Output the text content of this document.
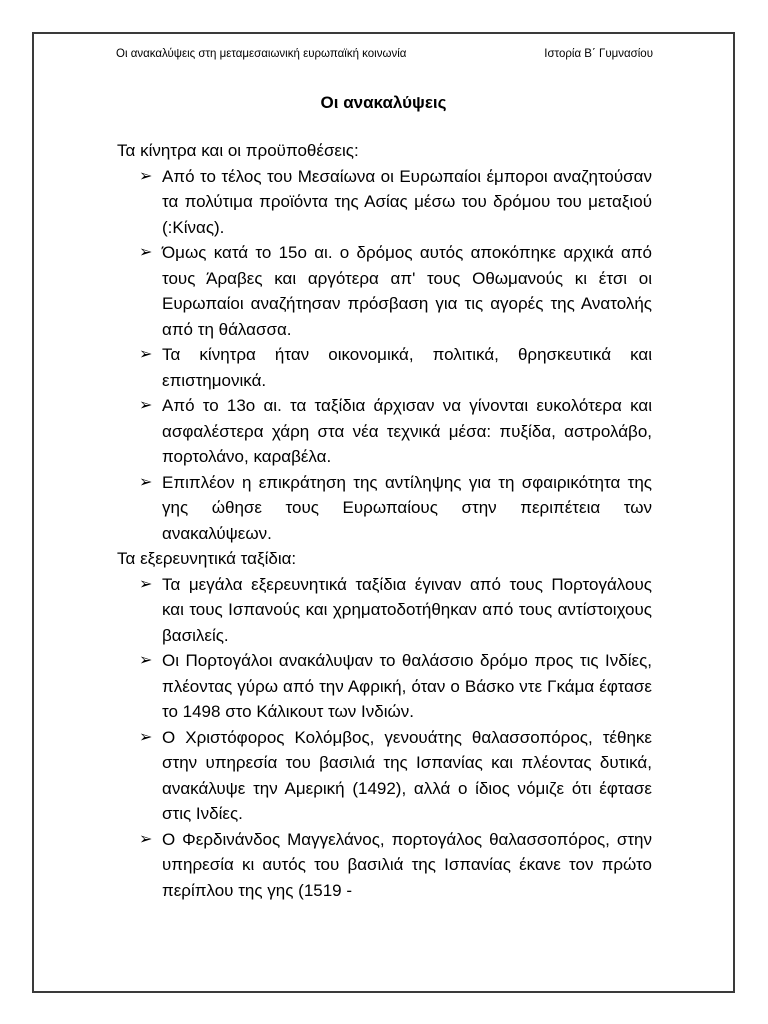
Οι ανακαλύψεις στη μεταμεσαιωνική ευρωπαϊκή κοινωνία	Ιστορία Β΄ Γυμνασίου
Οι ανακαλύψεις

Τα κίνητρα και οι προϋποθέσεις:

➢ Από το τέλος του Μεσαίωνα οι Ευρωπαίοι έμποροι αναζητούσαν τα πολύτιμα προϊόντα της Ασίας μέσω του δρόμου του μεταξιού (:Κίνας).
➢ Όμως κατά το 15ο αι. ο δρόμος αυτός αποκόπηκε αρχικά από τους Άραβες και αργότερα απ' τους Οθωμανούς κι έτσι οι Ευρωπαίοι αναζήτησαν πρόσβαση για τις αγορές της Ανατολής από τη θάλασσα.
➢ Τα κίνητρα ήταν οικονομικά, πολιτικά, θρησκευτικά και επιστημονικά.
➢ Από το 13ο αι. τα ταξίδια άρχισαν να γίνονται ευκολότερα και ασφαλέστερα χάρη στα νέα τεχνικά μέσα: πυξίδα, αστρολάβο, πορτολάνο, καραβέλα.
➢ Επιπλέον η επικράτηση της αντίληψης για τη σφαιρικότητα της γης ώθησε τους Ευρωπαίους στην περιπέτεια των ανακαλύψεων.

Τα εξερευνητικά ταξίδια:

➢ Τα μεγάλα εξερευνητικά ταξίδια έγιναν από τους Πορτογάλους και τους Ισπανούς και χρηματοδοτήθηκαν από τους αντίστοιχους βασιλείς.
➢ Οι Πορτογάλοι ανακάλυψαν το θαλάσσιο δρόμο προς τις Ινδίες, πλέοντας γύρω από την Αφρική, όταν ο Βάσκο ντε Γκάμα έφτασε το 1498 στο Κάλικουτ των Ινδιών.
➢ Ο Χριστόφορος Κολόμβος, γενουάτης θαλασσοπόρος, τέθηκε στην υπηρεσία του βασιλιά της Ισπανίας και πλέοντας δυτικά, ανακάλυψε την Αμερική (1492), αλλά ο ίδιος νόμιζε ότι έφτασε στις Ινδίες.
➢ Ο Φερδινάνδος Μαγγελάνος, πορτογάλος θαλασσοπόρος, στην υπηρεσία κι αυτός του βασιλιά της Ισπανίας έκανε τον πρώτο περίπλου της γης (1519 -
